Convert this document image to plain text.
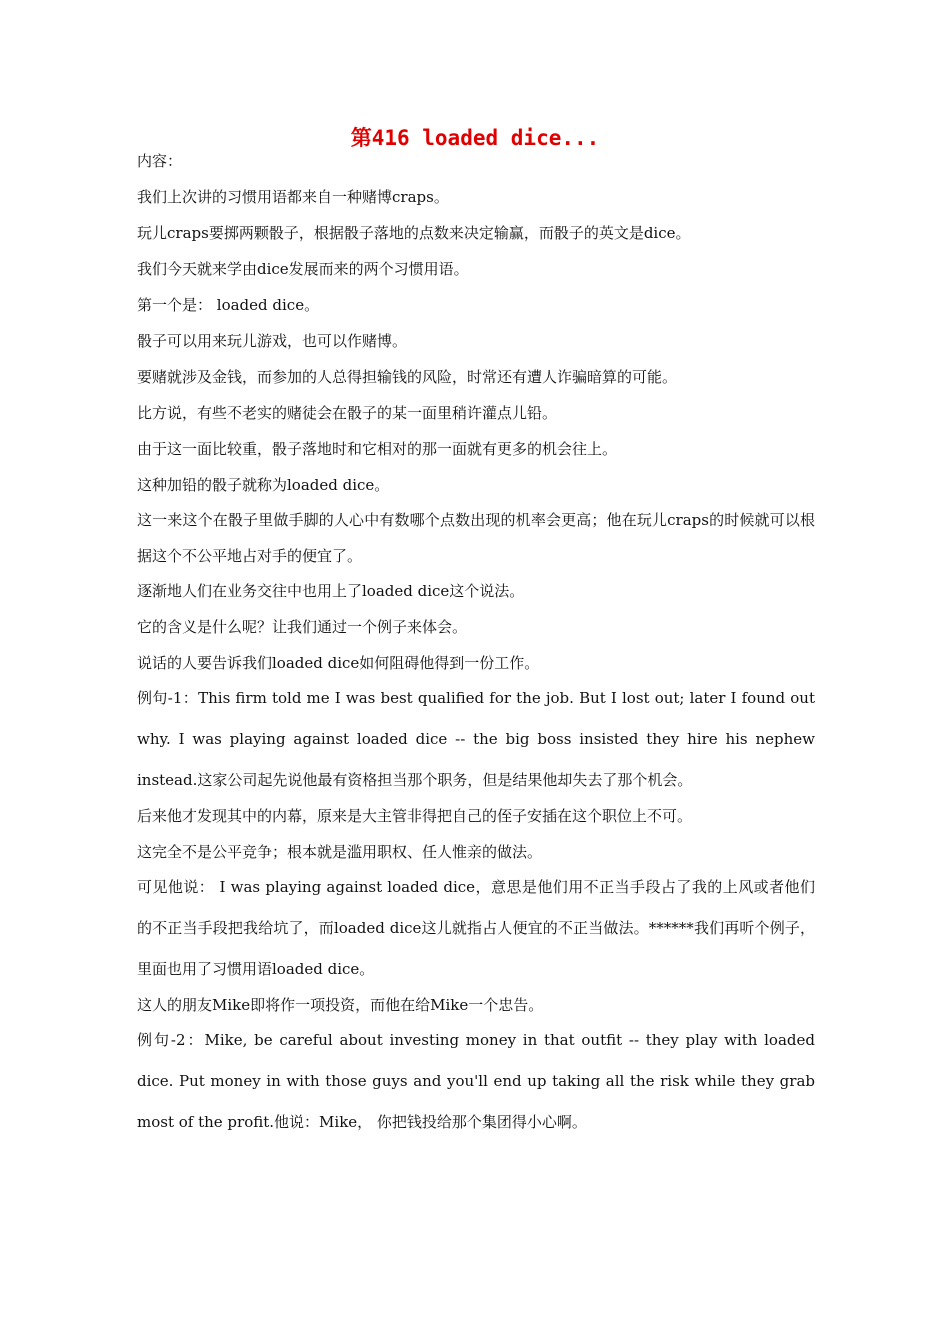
第416 loaded dice...

内容：

我们上次讲的习惯用语都来自一种赌博craps。

玩儿craps要掷两颗骰子，根据骰子落地的点数来决定输赢，而骰子的英文是dice。

我们今天就来学由dice发展而来的两个习惯用语。

第一个是： loaded dice。

骰子可以用来玩儿游戏，也可以作赌博。

要赌就涉及金钱，而参加的人总得担输钱的风险，时常还有遭人诈骗暗算的可能。

比方说，有些不老实的赌徒会在骰子的某一面里稍许灌点儿铅。

由于这一面比较重，骰子落地时和它相对的那一面就有更多的机会往上。

这种加铅的骰子就称为loaded dice。

这一来这个在骰子里做手脚的人心中有数哪个点数出现的机率会更高；他在玩儿craps的时候就可以根据这个不公平地占对手的便宜了。

逐渐地人们在业务交往中也用上了loaded dice这个说法。

它的含义是什么呢？让我们通过一个例子来体会。

说话的人要告诉我们loaded dice如何阻碍他得到一份工作。

例句-1：This firm told me I was best qualified for the job. But I lost out; later I found out why. I was playing against loaded dice -- the big boss insisted they hire his nephew instead.这家公司起先说他最有资格担当那个职务，但是结果他却失去了那个机会。

后来他才发现其中的内幕，原来是大主管非得把自己的侄子安插在这个职位上不可。

这完全不是公平竞争；根本就是滥用职权、任人惟亲的做法。

可见他说： I was playing against loaded dice，意思是他们用不正当手段占了我的上风或者他们的不正当手段把我给坑了，而loaded dice这儿就指占人便宜的不正当做法。******我们再听个例子，里面也用了习惯用语loaded dice。

这人的朋友Mike即将作一项投资，而他在给Mike一个忠告。

例句-2：Mike, be careful about investing money in that outfit -- they play with loaded dice. Put money in with those guys and you'll end up taking all the risk while they grab most of the profit.他说：Mike， 你把钱投给那个集团得小心啊。
